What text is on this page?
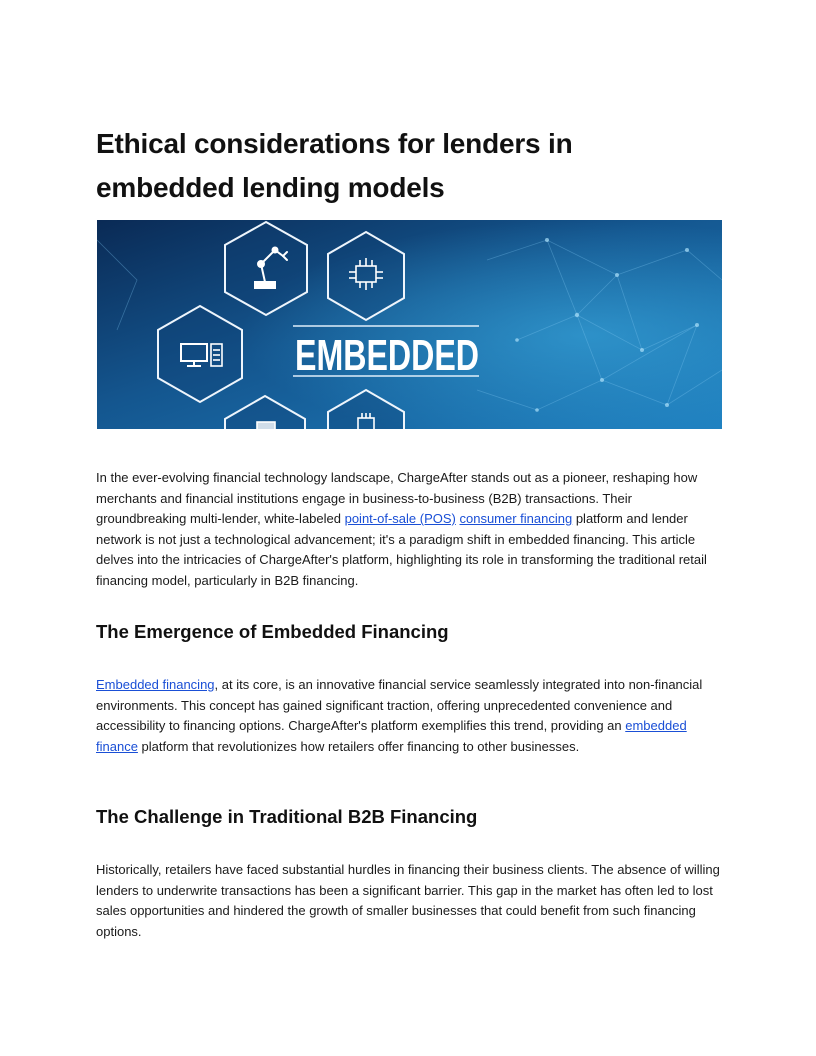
Ethical considerations for lenders in embedded lending models
EMBEDDED

In the ever-evolving financial technology landscape, ChargeAfter stands out as a pioneer, reshaping how merchants and financial institutions engage in business-to-business (B2B) transactions. Their groundbreaking multi-lender, white-labeled point-of-sale (POS) consumer financing platform and lender network is not just a technological advancement; it's a paradigm shift in embedded financing. This article delves into the intricacies of ChargeAfter's platform, highlighting its role in transforming the traditional retail financing model, particularly in B2B financing.

The Emergence of Embedded Financing

Embedded financing, at its core, is an innovative financial service seamlessly integrated into non-financial environments. This concept has gained significant traction, offering unprecedented convenience and accessibility to financing options. ChargeAfter's platform exemplifies this trend, providing an embedded finance platform that revolutionizes how retailers offer financing to other businesses.

The Challenge in Traditional B2B Financing

Historically, retailers have faced substantial hurdles in financing their business clients. The absence of willing lenders to underwrite transactions has been a significant barrier. This gap in the market has often led to lost sales opportunities and hindered the growth of smaller businesses that could benefit from such financing options.
